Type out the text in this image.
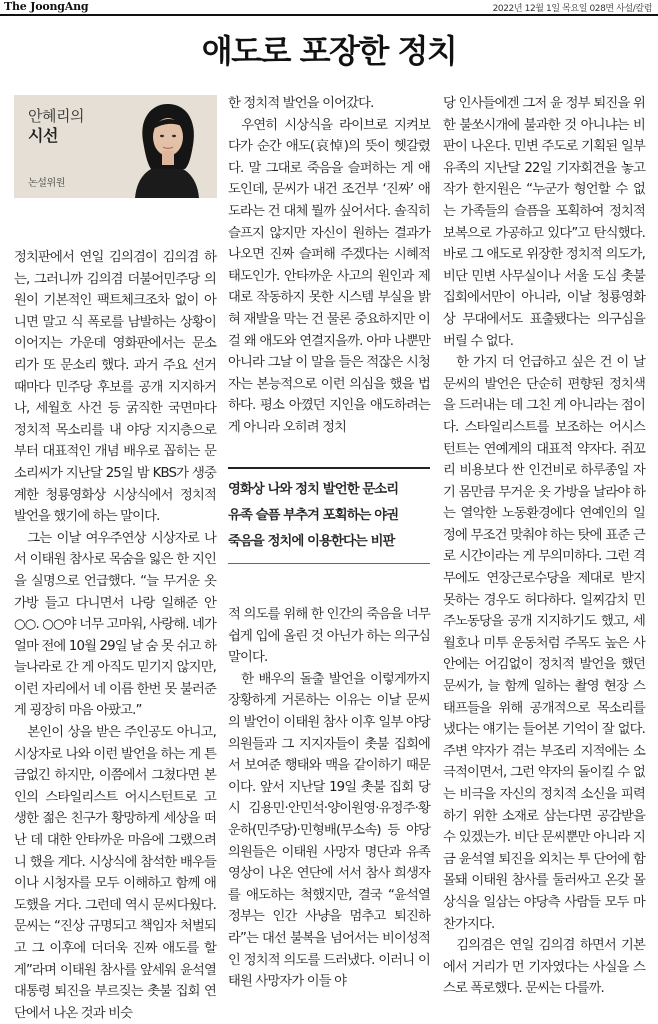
The JoongAng	2022년 12월 1일 목요일 028면 사설/칼럼
애도로 포장한 정치
안혜리의
시선
논설위원

정치판에서 연일 김의겸이 김의겸 하는, 그러니까 김의겸 더불어민주당 의원이 기본적인 팩트체크조차 없이 아니면 말고 식 폭로를 남발하는 상황이 이어지는 가운데 영화판에서는 문소리가 또 문소리 했다. 과거 주요 선거 때마다 민주당 후보를 공개 지지하거나, 세월호 사건 등 굵직한 국면마다 정치적 목소리를 내 야당 지지층으로부터 대표적인 개념 배우로 꼽히는 문소리씨가 지난달 25일 밤 KBS가 생중계한 청룡영화상 시상식에서 정치적 발언을 했기에 하는 말이다.

그는 이날 여우주연상 시상자로 나서 이태원 참사로 목숨을 잃은 한 지인을 실명으로 언급했다. “늘 무거운 옷 가방 들고 다니면서 나랑 일해준 안○○. ○○야 너무 고마워, 사랑해. 네가 얼마 전에 10월 29일 날 숨 못 쉬고 하늘나라로 간 게 아직도 믿기지 않지만, 이런 자리에서 네 이름 한번 못 불러준 게 굉장히 마음 아팠고.”

본인이 상을 받은 주인공도 아니고, 시상자로 나와 이런 발언을 하는 게 튼금없긴 하지만, 이쯤에서 그쳤다면 본인의 스타일리스트 어시스턴트로 고생한 젊은 친구가 황망하게 세상을 떠난 데 대한 안타까운 마음에 그랬으려니 했을 게다. 시상식에 참석한 배우들이나 시청자를 모두 이해하고 함께 애도했을 거다. 그런데 역시 문씨다웠다. 문씨는 “진상 규명되고 책임자 처벌되고 그 이후에 더더욱 진짜 애도를 할게”라며 이태원 참사를 앞세워 윤석열 대통령 퇴진을 부르짖는 촛불 집회 연단에서 나온 것과 비슷

한 정치적 발언을 이어갔다.

우연히 시상식을 라이브로 지켜보다가 순간 애도(哀悼)의 뜻이 헷갈렸다. 말 그대로 죽음을 슬퍼하는 게 애도인데, 문씨가 내건 조건부 ‘진짜’ 애도라는 건 대체 뭘까 싶어서다. 솔직히 슬프지 않지만 자신이 원하는 결과가 나오면 진짜 슬퍼해 주겠다는 시혜적 태도인가. 안타까운 사고의 원인과 제대로 작동하지 못한 시스템 부실을 밝혀 재발을 막는 건 물론 중요하지만 이걸 왜 애도와 연결지을까. 아마 나뿐만 아니라 그날 이 말을 들은 적잖은 시청자는 본능적으로 이런 의심을 했을 법하다. 평소 아꼈던 지인을 애도하려는 게 아니라 오히려 정치

영화상 나와 정치 발언한 문소리
유족 슬픔 부추겨 포획하는 야권
죽음을 정치에 이용한다는 비판

적 의도를 위해 한 인간의 죽음을 너무 쉽게 입에 올린 것 아닌가 하는 의구심 말이다.

한 배우의 돌출 발언을 이렇게까지 장황하게 거론하는 이유는 이날 문씨의 발언이 이태원 참사 이후 일부 야당 의원들과 그 지지자들이 촛불 집회에서 보여준 행태와 맥을 같이하기 때문이다. 앞서 지난달 19일 촛불 집회 당시 김용민·안민석·양이원영·유정주·황운하(민주당)·민형배(무소속) 등 야당 의원들은 이태원 사망자 명단과 유족 영상이 나온 연단에 서서 참사 희생자를 애도하는 척했지만, 결국 “윤석열 정부는 인간 사냥을 멈추고 퇴진하라”는 대선 불복을 넘어서는 비이성적인 정치적 의도를 드러냈다. 이러니 이태원 사망자가 이들 야

당 인사들에겐 그저 윤 정부 퇴진을 위한 불쏘시개에 불과한 것 아니냐는 비판이 나온다. 민변 주도로 기획된 일부 유족의 지난달 22일 기자회견을 놓고 작가 한지원은 “누군가 형언할 수 없는 가족들의 슬픔을 포획하여 정치적 보복으로 가공하고 있다”고 탄식했다. 바로 그 애도로 위장한 정치적 의도가, 비단 민변 사무실이나 서울 도심 촛불 집회에서만이 아니라, 이날 청룡영화상 무대에서도 표출됐다는 의구심을 버릴 수 없다.

한 가지 더 언급하고 싶은 건 이 날 문씨의 발언은 단순히 편향된 정치색을 드러내는 데 그친 게 아니라는 점이다. 스타일리스트를 보조하는 어시스턴트는 연예계의 대표적 약자다. 쥐꼬리 비용보다 싼 인건비로 하루종일 자기 몸만큼 무거운 옷 가방을 날라야 하는 열악한 노동환경에다 연예인의 일정에 무조건 맞춰야 하는 탓에 표준 근로 시간이라는 게 무의미하다. 그런 격무에도 연장근로수당을 제대로 받지 못하는 경우도 허다하다. 일찌감치 민주노동당을 공개 지지하기도 했고, 세월호나 미투 운동처럼 주목도 높은 사안에는 어김없이 정치적 발언을 했던 문씨가, 늘 함께 일하는 촬영 현장 스태프들을 위해 공개적으로 목소리를 냈다는 얘기는 들어본 기억이 잘 없다. 주변 약자가 겪는 부조리 지적에는 소극적이면서, 그런 약자의 돌이킬 수 없는 비극을 자신의 정치적 소신을 피력하기 위한 소재로 삼는다면 공감받을 수 있겠는가. 비단 문씨뿐만 아니라 지금 윤석열 퇴진을 외치는 투 단어에 함몰돼 이태원 참사를 둘러싸고 온갖 몰상식을 일삼는 야당측 사람들 모두 마찬가지다.

김의겸은 연일 김의겸 하면서 기본에서 거리가 먼 기자였다는 사실을 스스로 폭로했다. 문씨는 다를까.
